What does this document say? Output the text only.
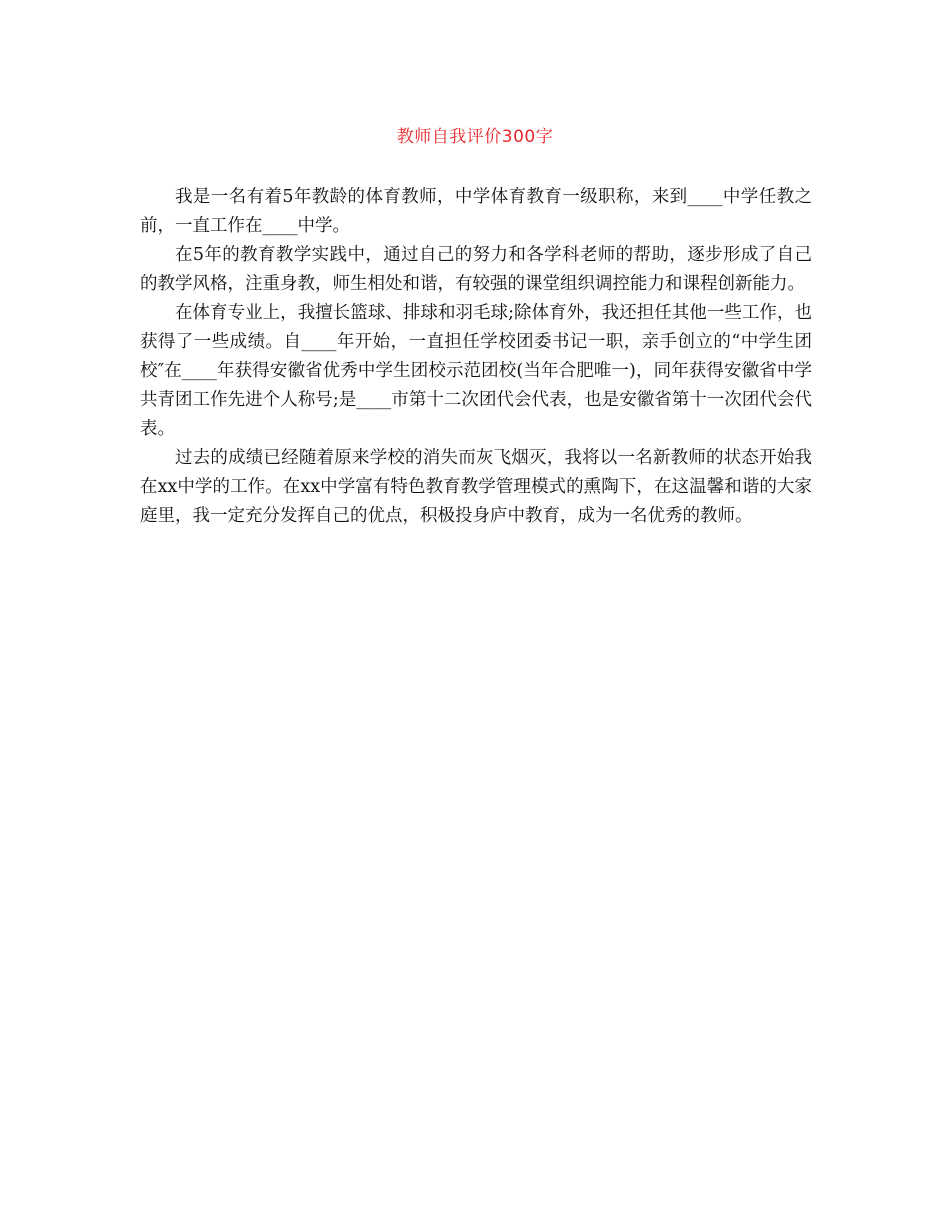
教师自我评价300字

我是一名有着5年教龄的体育教师，中学体育教育一级职称，来到____中学任教之前，一直工作在____中学。

在5年的教育教学实践中，通过自己的努力和各学科老师的帮助，逐步形成了自己的教学风格，注重身教，师生相处和谐，有较强的课堂组织调控能力和课程创新能力。

在体育专业上，我擅长篮球、排球和羽毛球;除体育外，我还担任其他一些工作，也获得了一些成绩。自____年开始，一直担任学校团委书记一职，亲手创立的“中学生团校″在____年获得安徽省优秀中学生团校示范团校(当年合肥唯一)，同年获得安徽省中学共青团工作先进个人称号;是____市第十二次团代会代表，也是安徽省第十一次团代会代表。

过去的成绩已经随着原来学校的消失而灰飞烟灭，我将以一名新教师的状态开始我在xx中学的工作。在xx中学富有特色教育教学管理模式的熏陶下，在这温馨和谐的大家庭里，我一定充分发挥自己的优点，积极投身庐中教育，成为一名优秀的教师。
